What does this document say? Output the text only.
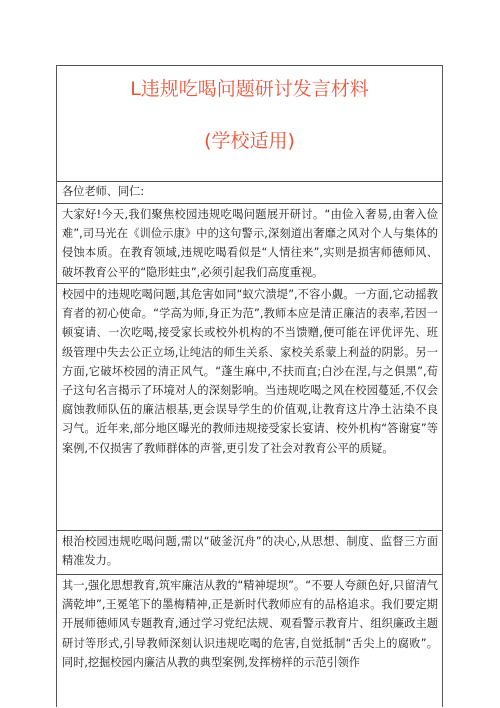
L违规吃喝问题研讨发言材料
(学校适用)

各位老师、同仁:

大家好!今天,我们聚焦校园违规吃喝问题展开研讨。“由俭入奢易,由奢入俭难”,司马光在《训俭示康》中的这句警示,深刻道出奢靡之风对个人与集体的侵蚀本质。在教育领域,违规吃喝看似是“人情往来”,实则是损害师德师风、破坏教育公平的“隐形蛀虫”,必须引起我们高度重视。

校园中的违规吃喝问题,其危害如同“蚁穴溃堤”,不容小觑。一方面,它动摇教育者的初心使命。“学高为师,身正为范”,教师本应是清正廉洁的表率,若因一顿宴请、一次吃喝,接受家长或校外机构的不当馈赠,便可能在评优评先、班级管理中失去公正立场,让纯洁的师生关系、家校关系蒙上利益的阴影。另一方面,它破坏校园的清正风气。“蓬生麻中,不扶而直;白沙在涅,与之俱黑”,荀子这句名言揭示了环境对人的深刻影响。当违规吃喝之风在校园蔓延,不仅会腐蚀教师队伍的廉洁根基,更会误导学生的价值观,让教育这片净土沾染不良习气。近年来,部分地区曝光的教师违规接受家长宴请、校外机构“答谢宴”等案例,不仅损害了教师群体的声誉,更引发了社会对教育公平的质疑。

根治校园违规吃喝问题,需以“破釜沉舟”的决心,从思想、制度、监督三方面精准发力。

其一,强化思想教育,筑牢廉洁从教的“精神堤坝”。“不要人夸颜色好,只留清气满乾坤”,王冕笔下的墨梅精神,正是新时代教师应有的品格追求。我们要定期开展师德师风专题教育,通过学习党纪法规、观看警示教育片、组织廉政主题研讨等形式,引导教师深刻认识违规吃喝的危害,自觉抵制“舌尖上的腐败”。同时,挖掘校园内廉洁从教的典型案例,发挥榜样的示范引领作
